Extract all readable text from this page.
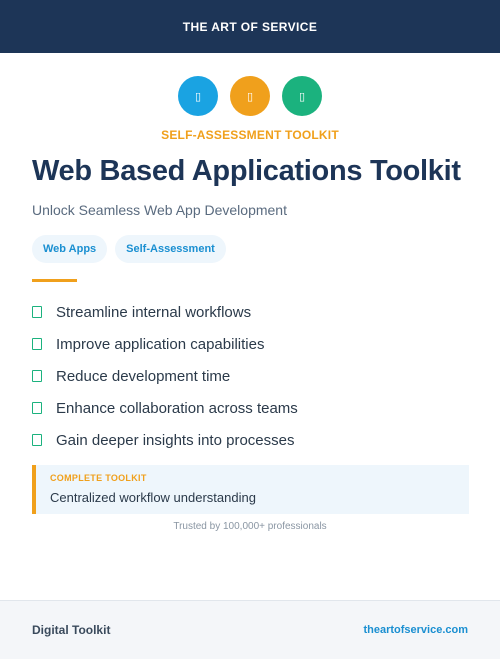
THE ART OF SERVICE
▯	▯	▯
SELF-ASSESSMENT TOOLKIT
Web Based Applications Toolkit
Unlock Seamless Web App Development
Web Apps	Self-Assessment
Streamline internal workflows
Improve application capabilities
Reduce development time
Enhance collaboration across teams
Gain deeper insights into processes
COMPLETE TOOLKIT
Centralized workflow understanding
Trusted by 100,000+ professionals
Digital Toolkit	theartofservice.com
